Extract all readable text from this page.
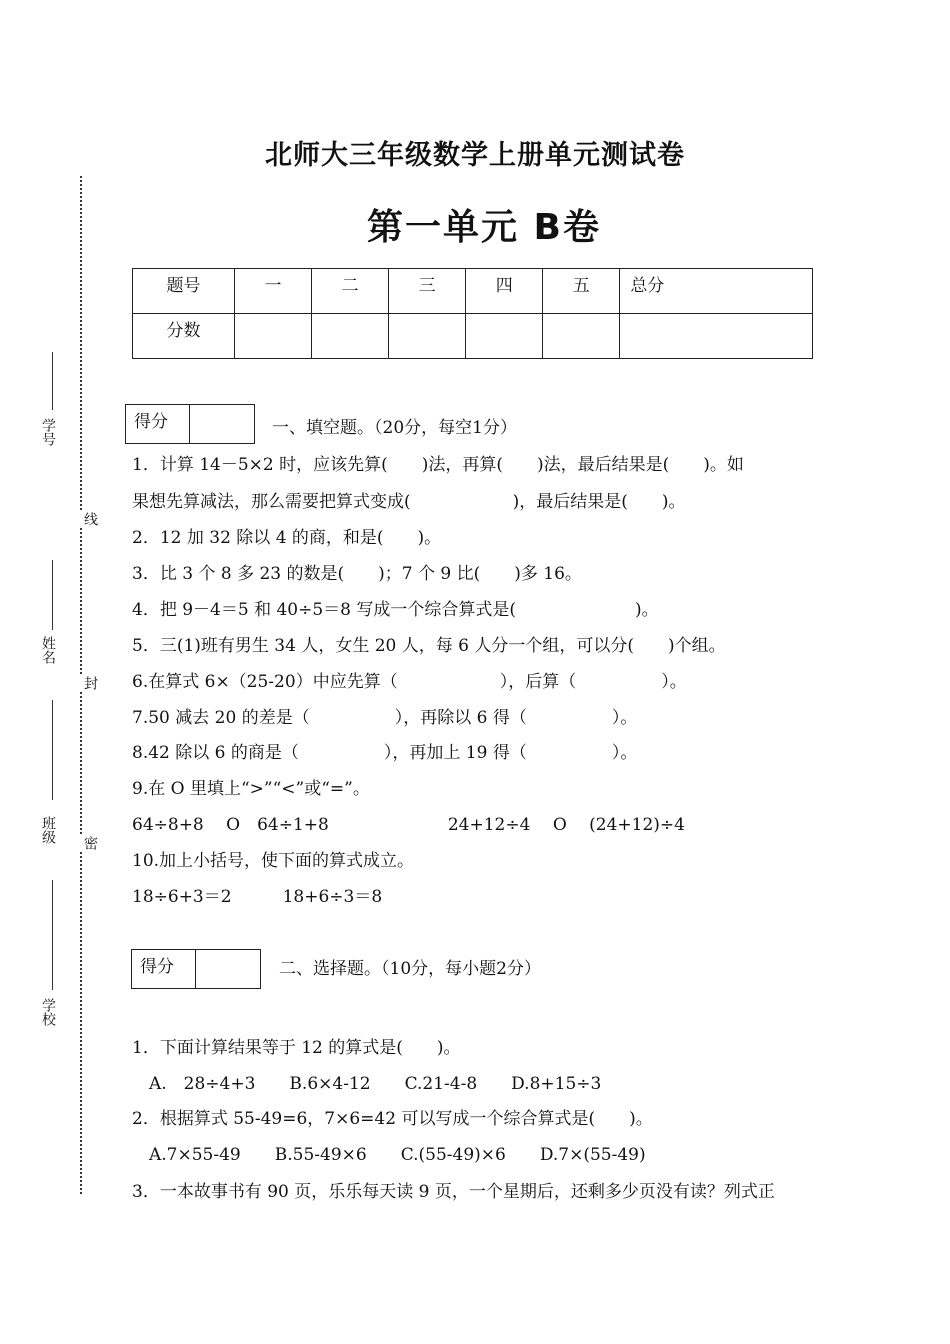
学号
姓名
班级
学校
线
封
密
北师大三年级数学上册单元测试卷
第一单元 B卷
题号	一	二	三	四	五	总分
分数						
得分	一、填空题。（20分，每空1分）
1．计算 14－5×2 时，应该先算(　　)法，再算(　　)法，最后结果是(　　)。如
果想先算减法，那么需要把算式变成(　　　　　　)，最后结果是(　　)。
2．12 加 32 除以 4 的商，和是(　　)。
3．比 3 个 8 多 23 的数是(　　)；7 个 9 比(　　)多 16。
4．把 9－4＝5 和 40÷5＝8 写成一个综合算式是(　　　　　　　)。
5．三(1)班有男生 34 人，女生 20 人，每 6 人分一个组，可以分(　　)个组。
6.在算式 6×（25-20）中应先算（　　　　　　），后算（　　　　　）。
7.50 减去 20 的差是（　　　　　），再除以 6 得（　　　　　）。
8.42 除以 6 的商是（　　　　　），再加上 19 得（　　　　　）。
9.在 O 里填上“>”“<”或“=”。
64÷8+8　 O　64÷1+8　　　　　　　24+12÷4　 O　 (24+12)÷4
10.加上小括号，使下面的算式成立。
18÷6+3＝2　　　18+6÷3＝8
得分	二、选择题。（10分，每小题2分）
1．下面计算结果等于 12 的算式是(　　)。
　A.　28÷4+3　　B.6×4-12　　C.21-4-8　　D.8+15÷3
2．根据算式 55-49=6，7×6=42 可以写成一个综合算式是(　　)。
　A.7×55-49　　B.55-49×6　　C.(55-49)×6　　D.7×(55-49)
3．一本故事书有 90 页，乐乐每天读 9 页，一个星期后，还剩多少页没有读？列式正
